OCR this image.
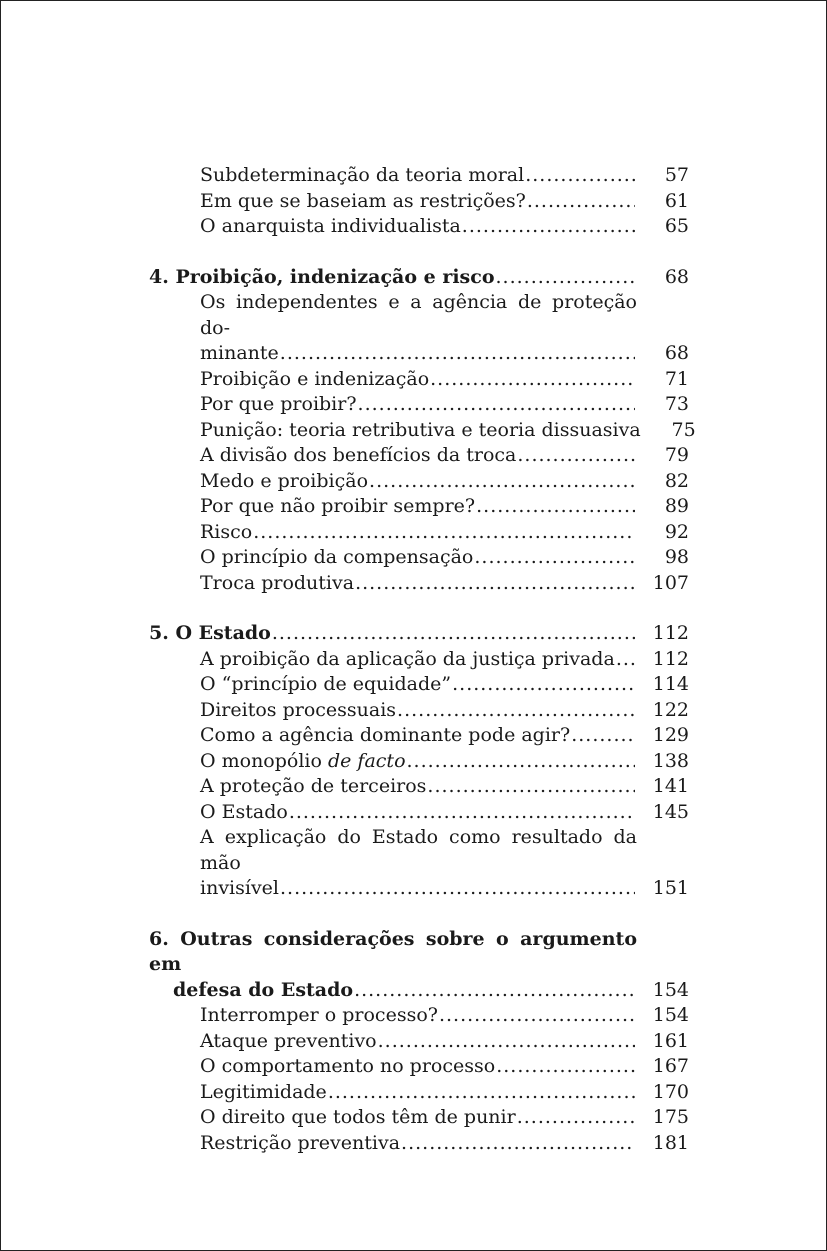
Subdeterminação da teoria moral .....	57
Em que se baseiam as restrições? .....	61
O anarquista individualista .....	65
4. Proibição, indenização e risco .....	68
Os independentes e a agência de proteção do-
minante .....	68
Proibição e indenização .....	71
Por que proibir? .....	73
Punição: teoria retributiva e teoria dissuasiva	75
A divisão dos benefícios da troca .....	79
Medo e proibição .....	82
Por que não proibir sempre? .....	89
Risco .....	92
O princípio da compensação .....	98
Troca produtiva .....	107
5. O Estado .....	112
A proibição da aplicação da justiça privada .....	112
O “princípio de equidade” .....	114
Direitos processuais .....	122
Como a agência dominante pode agir? .....	129
O monopólio de facto .....	138
A proteção de terceiros .....	141
O Estado .....	145
A explicação do Estado como resultado da mão
invisível .....	151
6. Outras considerações sobre o argumento em
defesa do Estado .....	154
Interromper o processo? .....	154
Ataque preventivo .....	161
O comportamento no processo .....	167
Legitimidade .....	170
O direito que todos têm de punir .....	175
Restrição preventiva .....	181
